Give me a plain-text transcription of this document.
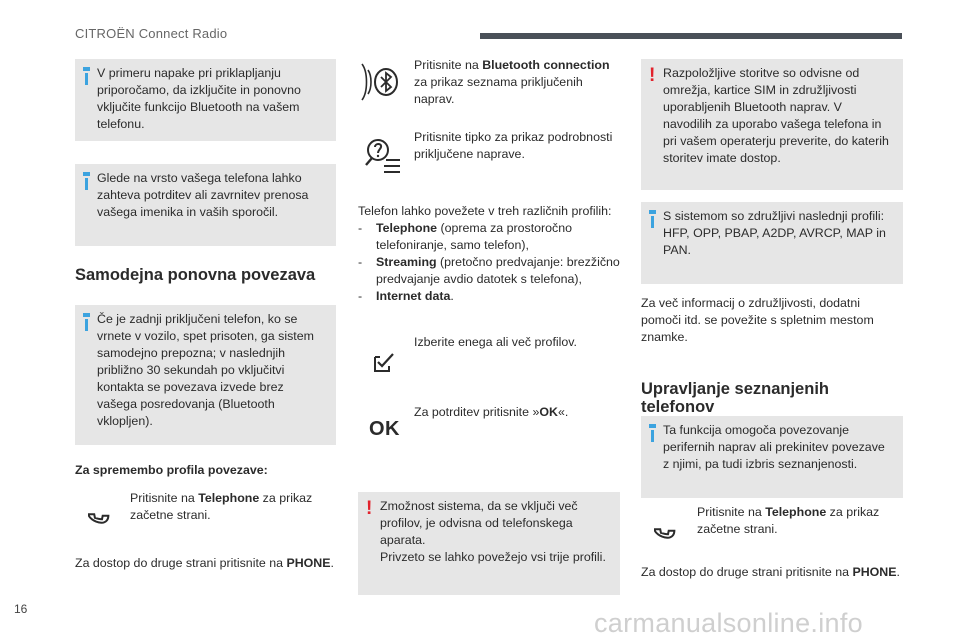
CITROËN Connect Radio
V primeru napake pri priklapljanju priporočamo, da izključite in ponovno vključite funkcijo Bluetooth na vašem telefonu.
Glede na vrsto vašega telefona lahko zahteva potrditev ali zavrnitev prenosa vašega imenika in vaših sporočil.
Samodejna ponovna povezava
Če je zadnji priključeni telefon, ko se vrnete v vozilo, spet prisoten, ga sistem samodejno prepozna; v naslednjih približno 30 sekundah po vključitvi kontakta se povezava izvede brez vašega posredovanja (Bluetooth vklopljen).
Za spremembo profila povezave:
Pritisnite na Telephone za prikaz začetne strani.
Za dostop do druge strani pritisnite na PHONE.
Pritisnite na Bluetooth connection za prikaz seznama priključenih naprav.
Pritisnite tipko za prikaz podrobnosti priključene naprave.
Telefon lahko povežete v treh različnih profilih:
- Telephone (oprema za prostoročno telefoniranje, samo telefon),
- Streaming (pretočno predvajanje: brezžično predvajanje avdio datotek s telefona),
- Internet data.
Izberite enega ali več profilov.
OK
Za potrditev pritisnite »OK«.
! Zmožnost sistema, da se vključi več profilov, je odvisna od telefonskega aparata.
Privzeto se lahko povežejo vsi trije profili.
! Razpoložljive storitve so odvisne od omrežja, kartice SIM in združljivosti uporabljenih Bluetooth naprav. V navodilih za uporabo vašega telefona in pri vašem operaterju preverite, do katerih storitev imate dostop.
S sistemom so združljivi naslednji profili: HFP, OPP, PBAP, A2DP, AVRCP, MAP in PAN.
Za več informacij o združljivosti, dodatni pomoči itd. se povežite s spletnim mestom znamke.
Upravljanje seznanjenih telefonov
Ta funkcija omogoča povezovanje perifernih naprav ali prekinitev povezave z njimi, pa tudi izbris seznanjenosti.
Pritisnite na Telephone za prikaz začetne strani.
Za dostop do druge strani pritisnite na PHONE.
16	carmanualsonline.info
